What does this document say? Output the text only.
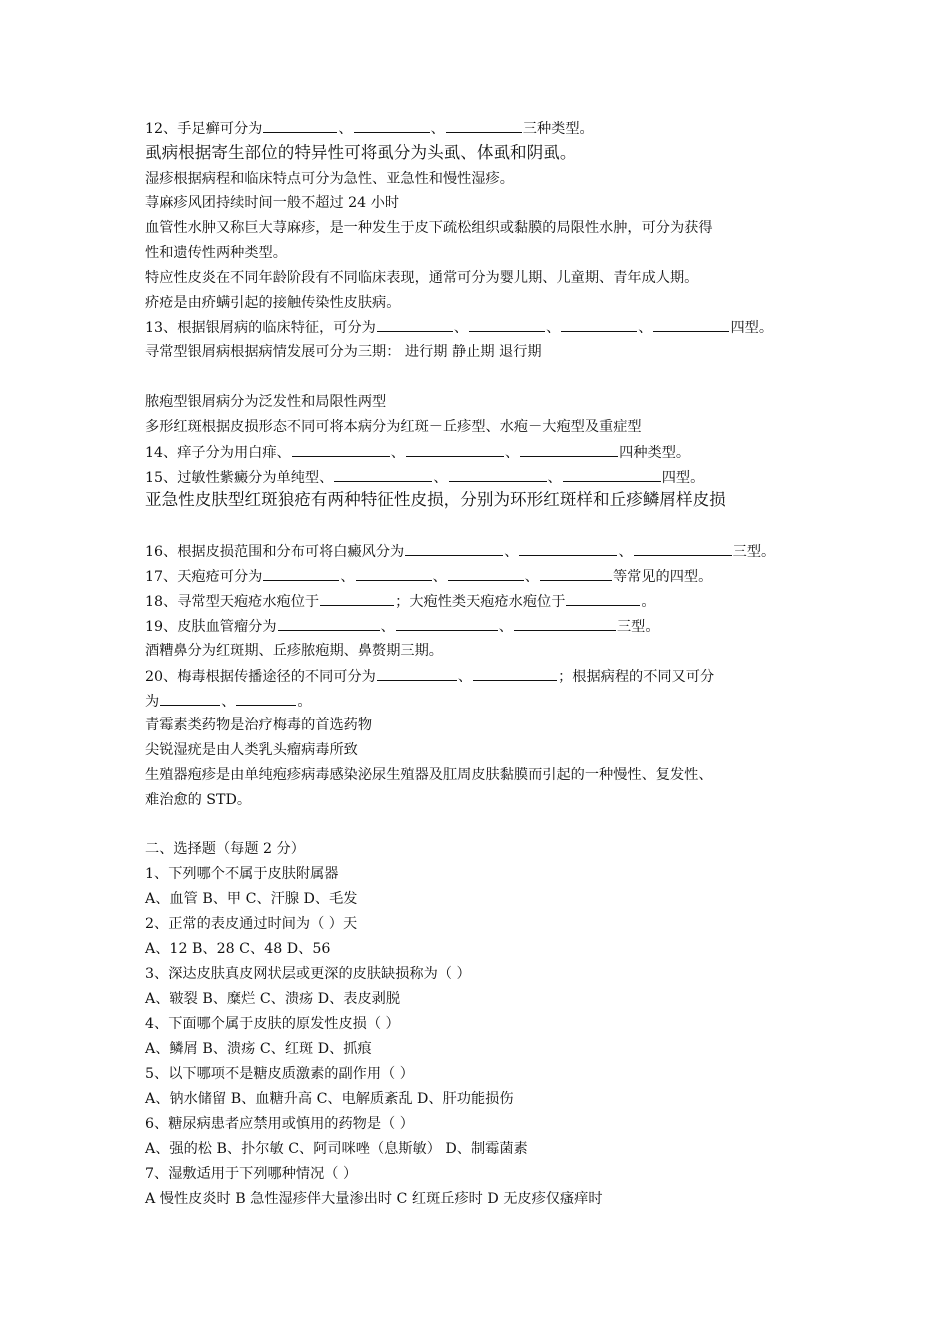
12、手足癣可分为	、	、	三种类型。

虱病根据寄生部位的特异性可将虱分为头虱、体虱和阴虱。

湿疹根据病程和临床特点可分为急性、亚急性和慢性湿疹。

荨麻疹风团持续时间一般不超过 24 小时

血管性水肿又称巨大荨麻疹，是一种发生于皮下疏松组织或黏膜的局限性水肿，可分为获得

性和遗传性两种类型。

特应性皮炎在不同年龄阶段有不同临床表现，通常可分为婴儿期、儿童期、青年成人期。

疥疮是由疥螨引起的接触传染性皮肤病。

13、根据银屑病的临床特征，可分为	、	、	、	四型。

寻常型银屑病根据病情发展可分为三期： 进行期 静止期 退行期

脓疱型银屑病分为泛发性和局限性两型

多形红斑根据皮损形态不同可将本病分为红斑－丘疹型、水疱－大疱型及重症型

14、痒子分为用白痱、	、	、	四种类型。

15、过敏性紫癜分为单纯型、	、	、	四型。

亚急性皮肤型红斑狼疮有两种特征性皮损，分别为环形红斑样和丘疹鳞屑样皮损

16、根据皮损范围和分布可将白癜风分为	、	、	三型。

17、天疱疮可分为	、	、	、	等常见的四型。

18、寻常型天疱疮水疱位于	；大疱性类天疱疮水疱位于	。

19、皮肤血管瘤分为	、	、	三型。

酒糟鼻分为红斑期、丘疹脓疱期、鼻赘期三期。

20、梅毒根据传播途径的不同可分为	、	；根据病程的不同又可分

为	、	。

青霉素类药物是治疗梅毒的首选药物

尖锐湿疣是由人类乳头瘤病毒所致

生殖器疱疹是由单纯疱疹病毒感染泌尿生殖器及肛周皮肤黏膜而引起的一种慢性、复发性、

难治愈的 STD。

二、选择题（每题 2 分）

1、下列哪个不属于皮肤附属器

A、血管 B、甲 C、汗腺 D、毛发

2、正常的表皮通过时间为（ ）天

A、12 B、28 C、48 D、56

3、深达皮肤真皮网状层或更深的皮肤缺损称为（ ）

A、皲裂 B、糜烂 C、溃疡 D、表皮剥脱

4、下面哪个属于皮肤的原发性皮损（ ）

A、鳞屑 B、溃疡 C、红斑 D、抓痕

5、以下哪项不是糖皮质激素的副作用（ ）

A、钠水储留 B、血糖升高 C、电解质紊乱 D、肝功能损伤

6、糖尿病患者应禁用或慎用的药物是（ ）

A、强的松 B、扑尔敏 C、阿司咪唑（息斯敏） D、制霉菌素

7、湿敷适用于下列哪种情况（ ）

A 慢性皮炎时 B 急性湿疹伴大量渗出时 C 红斑丘疹时 D 无皮疹仅瘙痒时
